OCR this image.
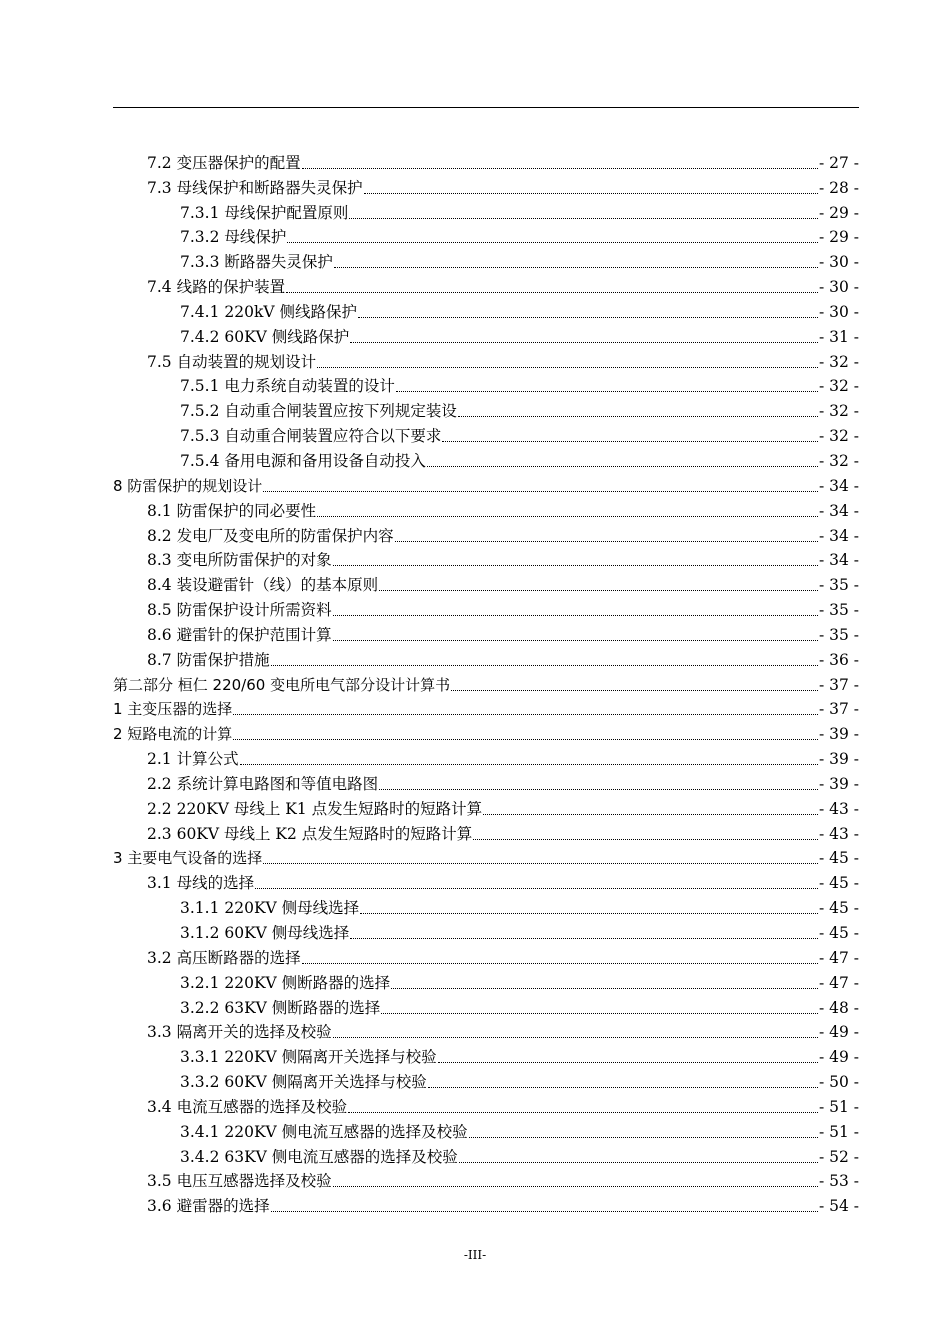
7.2 变压器保护的配置	- 27 -
7.3 母线保护和断路器失灵保护	- 28 -
7.3.1 母线保护配置原则	- 29 -
7.3.2 母线保护	- 29 -
7.3.3 断路器失灵保护	- 30 -
7.4 线路的保护装置	- 30 -
7.4.1 220kV 侧线路保护	- 30 -
7.4.2 60KV 侧线路保护	- 31 -
7.5 自动装置的规划设计	- 32 -
7.5.1 电力系统自动装置的设计	- 32 -
7.5.2 自动重合闸装置应按下列规定装设	- 32 -
7.5.3 自动重合闸装置应符合以下要求	- 32 -
7.5.4 备用电源和备用设备自动投入	- 32 -
8 防雷保护的规划设计	- 34 -
8.1 防雷保护的同必要性	- 34 -
8.2 发电厂及变电所的防雷保护内容	- 34 -
8.3 变电所防雷保护的对象	- 34 -
8.4 装设避雷针（线）的基本原则	- 35 -
8.5 防雷保护设计所需资料	- 35 -
8.6 避雷针的保护范围计算	- 35 -
8.7 防雷保护措施	- 36 -
第二部分 桓仁 220/60 变电所电气部分设计计算书	- 37 -
1 主变压器的选择	- 37 -
2 短路电流的计算	- 39 -
2.1 计算公式	- 39 -
2.2 系统计算电路图和等值电路图	- 39 -
2.2 220KV 母线上 K1 点发生短路时的短路计算	- 43 -
2.3 60KV 母线上 K2 点发生短路时的短路计算	- 43 -
3 主要电气设备的选择	- 45 -
3.1 母线的选择	- 45 -
3.1.1 220KV 侧母线选择	- 45 -
3.1.2 60KV 侧母线选择	- 45 -
3.2 高压断路器的选择	- 47 -
3.2.1 220KV 侧断路器的选择	- 47 -
3.2.2 63KV 侧断路器的选择	- 48 -
3.3 隔离开关的选择及校验	- 49 -
3.3.1 220KV 侧隔离开关选择与校验	- 49 -
3.3.2 60KV 侧隔离开关选择与校验	- 50 -
3.4 电流互感器的选择及校验	- 51 -
3.4.1 220KV 侧电流互感器的选择及校验	- 51 -
3.4.2 63KV 侧电流互感器的选择及校验	- 52 -
3.5 电压互感器选择及校验	- 53 -
3.6 避雷器的选择	- 54 -
-III-
